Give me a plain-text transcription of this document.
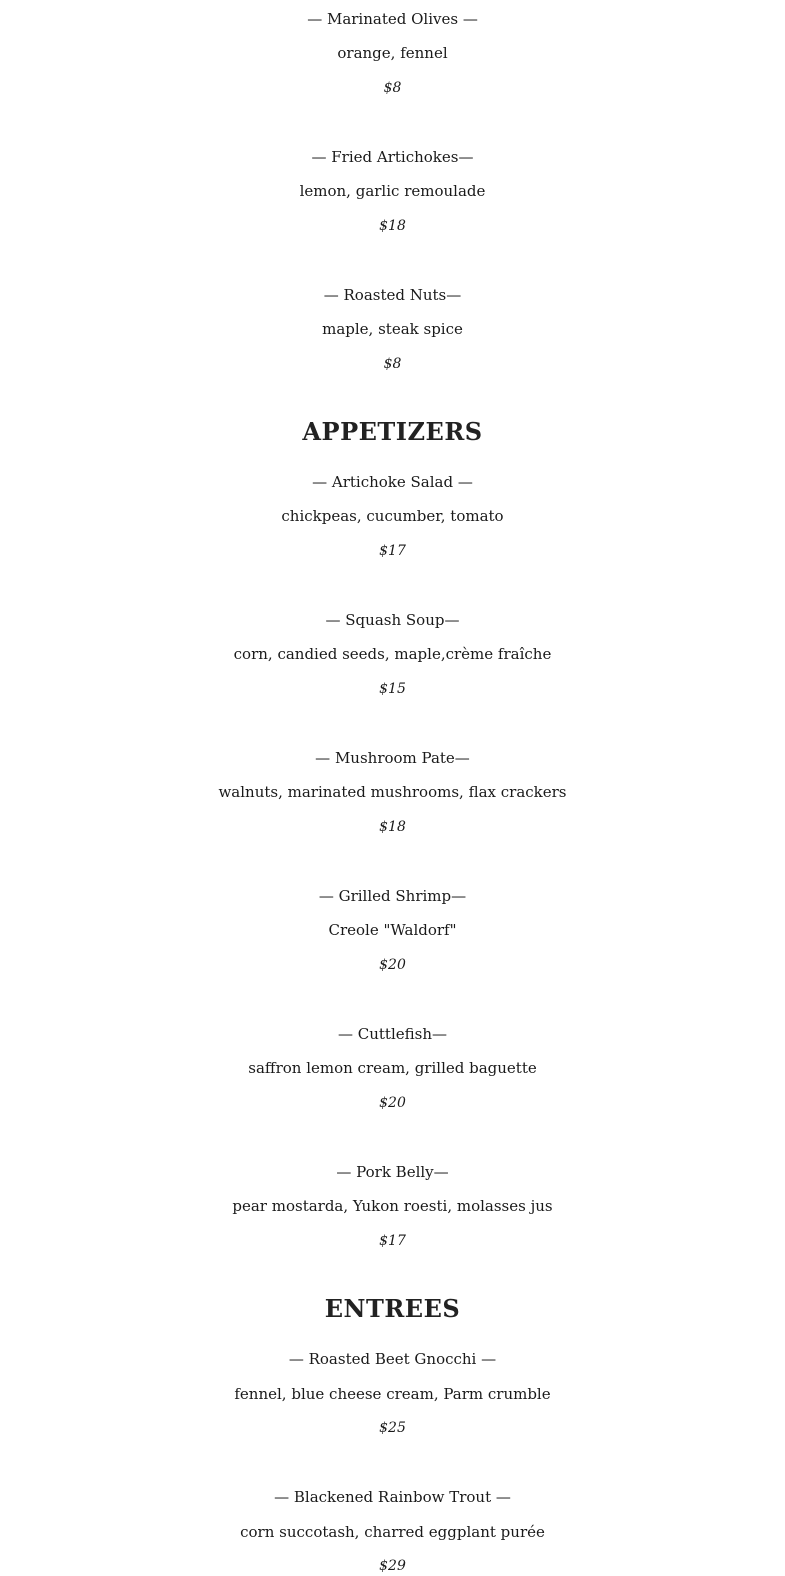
— Marinated Olives —
orange, fennel
$8
— Fried Artichokes—
lemon, garlic remoulade
$18
— Roasted Nuts—
maple, steak spice
$8
APPETIZERS
— Artichoke Salad —
chickpeas, cucumber, tomato
$17
— Squash Soup—
corn, candied seeds, maple,crème fraîche
$15
— Mushroom Pate—
walnuts, marinated mushrooms, flax crackers
$18
— Grilled Shrimp—
Creole "Waldorf"
$20
— Cuttlefish—
saffron lemon cream, grilled baguette
$20
— Pork Belly—
pear mostarda, Yukon roesti, molasses jus
$17
ENTREES
— Roasted Beet Gnocchi —
fennel, blue cheese cream, Parm crumble
$25
— Blackened Rainbow Trout —
corn succotash, charred eggplant purée
$29
